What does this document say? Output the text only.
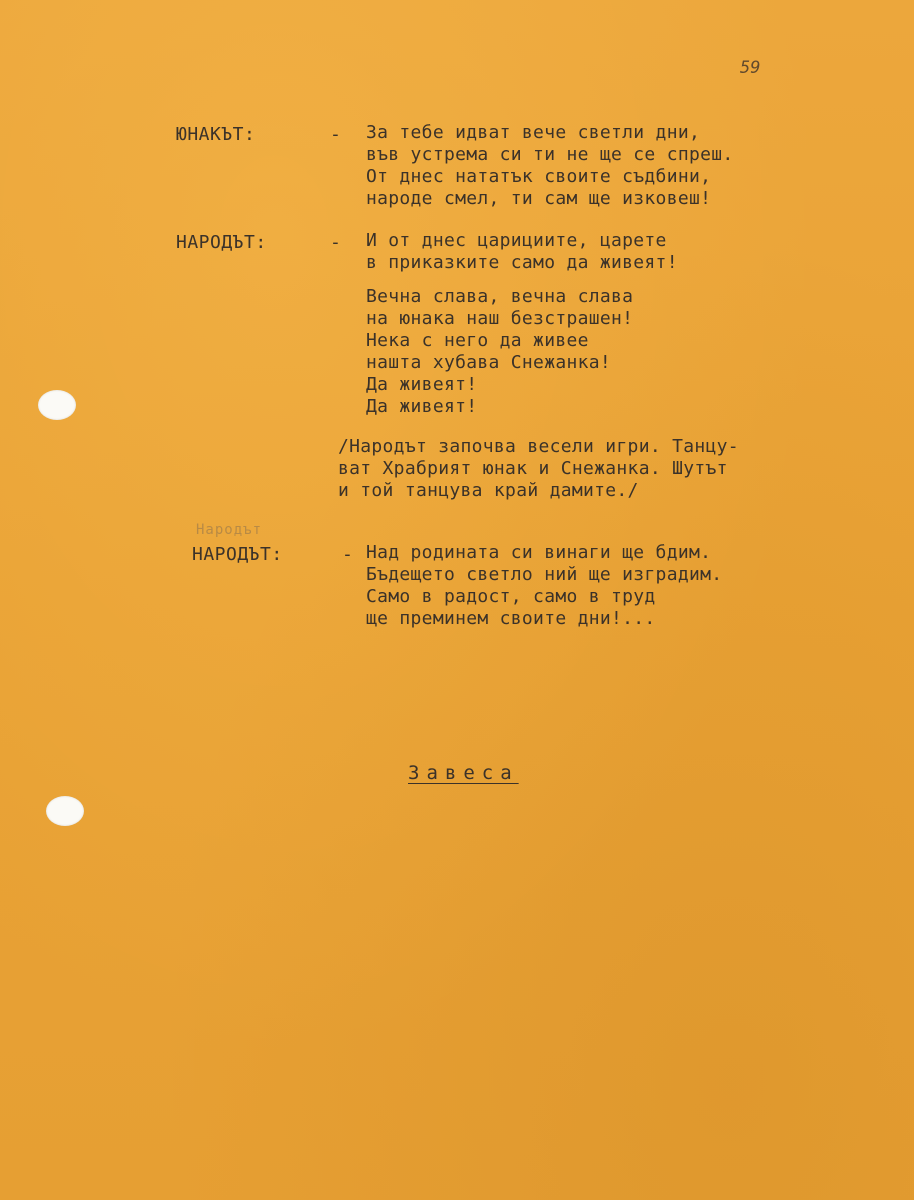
59
ЮНАКЪТ:	- За тебе идват вече светли дни,
във устрема си ти не ще се спреш.
От днес нататък своите съдбини,
народе смел, ти сам ще изковеш!
НАРОДЪТ:	- И от днес царициите, царете
в приказките само да живеят!
Вечна слава, вечна слава
на юнака наш безстрашен!
Нека с него да живее
нашта хубава Снежанка!
Да живеят!
Да живеят!
/Народът започва весели игри. Танцу-
ват Храбрият юнак и Снежанка. Шутът
и той танцува край дамите./
Народът
НАРОДЪТ:	- Над родината си винаги ще бдим.
Бъдещето светло ний ще изградим.
Само в радост, само в труд
ще преминем своите дни!...
Завеса
